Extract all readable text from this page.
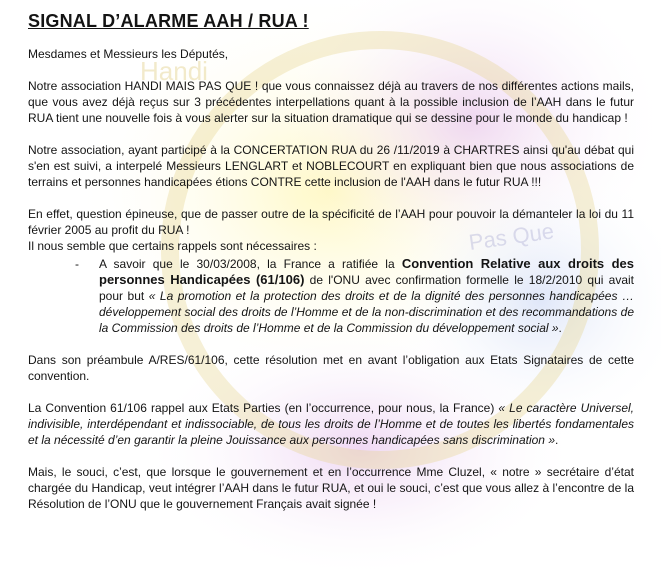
Handi
Pas Que
SIGNAL D’ALARME AAH / RUA !

Mesdames et Messieurs les Députés,

Notre association HANDI MAIS PAS QUE ! que vous connaissez déjà au travers de nos différentes actions mails, que vous avez déjà reçus sur 3 précédentes interpellations quant à la possible inclusion de l’AAH dans le futur RUA tient une nouvelle fois à vous alerter sur la situation dramatique qui se dessine pour le monde du handicap !

Notre association, ayant participé à la CONCERTATION RUA du 26 /11/2019 à CHARTRES ainsi qu'au débat qui s'en est suivi, a interpelé Messieurs LENGLART et NOBLECOURT en expliquant bien que nous associations de terrains et personnes handicapées étions CONTRE cette inclusion de l'AAH dans le futur RUA !!!

En effet, question épineuse, que de passer outre de la spécificité de l’AAH pour pouvoir la démanteler la loi du 11 février 2005 au profit du RUA !

Il nous semble que certains rappels sont nécessaires :

- A savoir que le 30/03/2008, la France a ratifiée la Convention Relative aux droits des personnes Handicapées (61/106) de l'ONU avec confirmation formelle le 18/2/2010 qui avait pour but « La promotion et la protection des droits et de la dignité des personnes handicapées … développement social des droits de l’Homme et de la non-discrimination et des recommandations de la Commission des droits de l’Homme et de la Commission du développement social ».

Dans son préambule A/RES/61/106, cette résolution met en avant l’obligation aux Etats Signataires de cette convention.

La Convention 61/106 rappel aux Etats Parties (en l’occurrence, pour nous, la France) « Le caractère Universel, indivisible, interdépendant et indissociable, de tous les droits de l’Homme et de toutes les libertés fondamentales et la nécessité d’en garantir la pleine Jouissance aux personnes handicapées sans discrimination ».

Mais, le souci, c’est, que lorsque le gouvernement et en l’occurrence Mme Cluzel, « notre » secrétaire d’état chargée du Handicap, veut intégrer l’AAH dans le futur RUA, et oui le souci, c’est que vous allez à l’encontre de la Résolution de l’ONU que le gouvernement Français avait signée !
